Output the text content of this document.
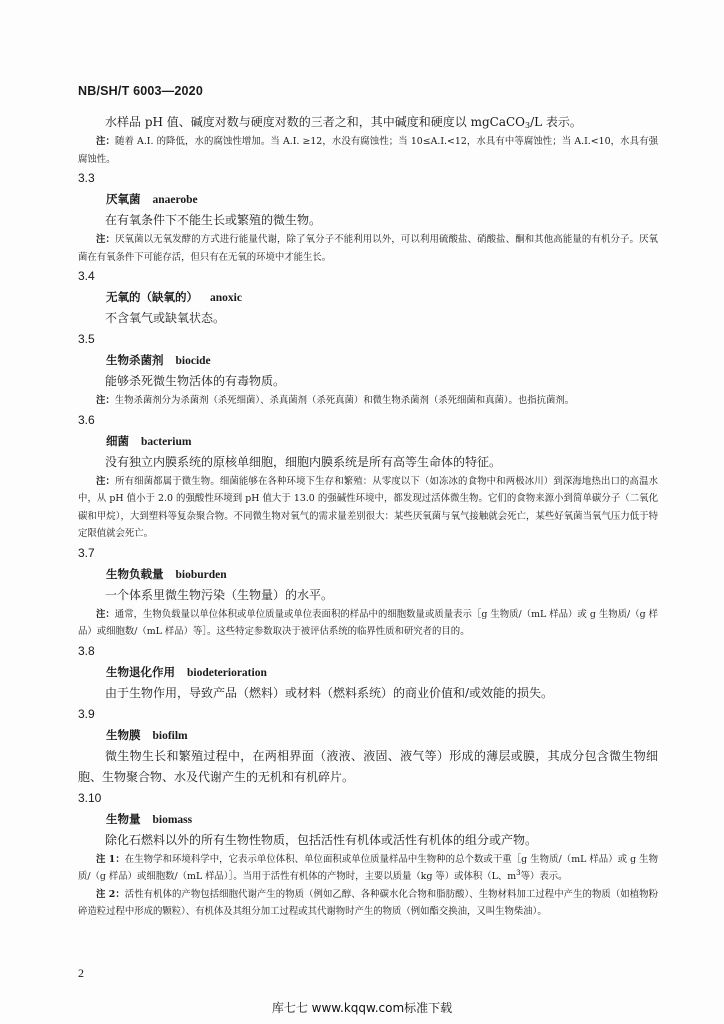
NB/SH/T 6003—2020

水样品 pH 值、碱度对数与硬度对数的三者之和，其中碱度和硬度以 mgCaCO$_3$/L 表示。

注：随着 A.I. 的降低，水的腐蚀性增加。当 A.I. ≥12，水没有腐蚀性；当 10≤A.I.<12，水具有中等腐蚀性；当 A.I.<10，水具有强腐蚀性。

3.3
厌氧菌 anaerobe

在有氧条件下不能生长或繁殖的微生物。

注：厌氧菌以无氧发酵的方式进行能量代谢，除了氧分子不能利用以外，可以利用硫酸盐、硝酸盐、酮和其他高能量的有机分子。厌氧菌在有氧条件下可能存活，但只有在无氧的环境中才能生长。

3.4
无氧的（缺氧的） anoxic

不含氧气或缺氧状态。

3.5
生物杀菌剂 biocide

能够杀死微生物活体的有毒物质。

注：生物杀菌剂分为杀菌剂（杀死细菌）、杀真菌剂（杀死真菌）和微生物杀菌剂（杀死细菌和真菌）。也指抗菌剂。

3.6
细菌 bacterium

没有独立内膜系统的原核单细胞，细胞内膜系统是所有高等生命体的特征。

注：所有细菌都属于微生物。细菌能够在各种环境下生存和繁殖：从零度以下（如冻冰的食物中和两极冰川）到深海地热出口的高温水中，从 pH 值小于 2.0 的强酸性环境到 pH 值大于 13.0 的强碱性环境中，都发现过活体微生物。它们的食物来源小到简单碳分子（二氧化碳和甲烷），大到塑料等复杂聚合物。不同微生物对氧气的需求量差别很大：某些厌氧菌与氧气接触就会死亡，某些好氧菌当氧气压力低于特定限值就会死亡。

3.7
生物负载量 bioburden

一个体系里微生物污染（生物量）的水平。

注：通常，生物负载量以单位体积或单位质量或单位表面积的样品中的细胞数量或质量表示［g 生物质/（mL 样品）或 g 生物质/（g 样品）或细胞数/（mL 样品）等］。这些特定参数取决于被评估系统的临界性质和研究者的目的。

3.8
生物退化作用 biodeterioration

由于生物作用，导致产品（燃料）或材料（燃料系统）的商业价值和/或效能的损失。

3.9
生物膜 biofilm

微生物生长和繁殖过程中，在两相界面（液液、液固、液气等）形成的薄层或膜，其成分包含微生物细胞、生物聚合物、水及代谢产生的无机和有机碎片。

3.10
生物量 biomass

除化石燃料以外的所有生物性物质，包括活性有机体或活性有机体的组分或产物。

注 1：在生物学和环境科学中，它表示单位体积、单位面积或单位质量样品中生物种的总个数或干重［g 生物质/（mL 样品）或 g 生物质/（g 样品）或细胞数/（mL 样品）］。当用于活性有机体的产物时，主要以质量（kg 等）或体积（L、$m^3$等）表示。

注 2：活性有机体的产物包括细胞代谢产生的物质（例如乙醇、各种碳水化合物和脂肪酸）、生物材料加工过程中产生的物质（如植物粉碎造粒过程中形成的颗粒）、有机体及其组分加工过程或其代谢物时产生的物质（例如酯交换油，又叫生物柴油）。

2
库七七 www.kqqw.com标准下载
